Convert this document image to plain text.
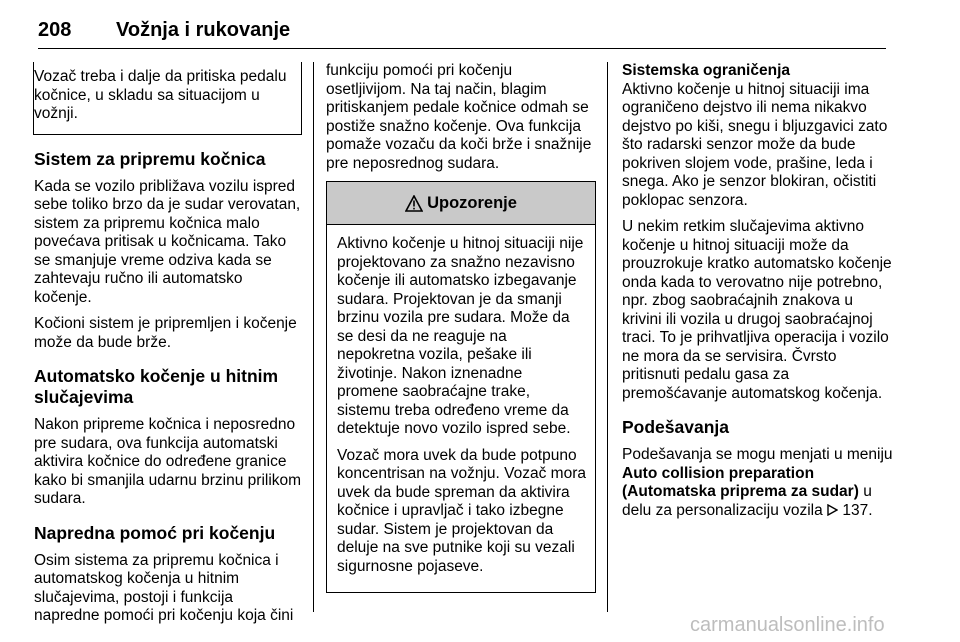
208 Vožnja i rukovanje

Vozač treba i dalje da pritiska pedalu kočnice, u skladu sa situacijom u vožnji.

Sistem za pripremu kočnica

Kada se vozilo približava vozilu ispred sebe toliko brzo da je sudar verovatan, sistem za pripremu kočnica malo povećava pritisak u kočnicama. Tako se smanjuje vreme odziva kada se zahtevaju ručno ili automatsko kočenje.

Kočioni sistem je pripremljen i kočenje može da bude brže.

Automatsko kočenje u hitnim slučajevima

Nakon pripreme kočnica i neposredno pre sudara, ova funkcija automatski aktivira kočnice do određene granice kako bi smanjila udarnu brzinu prilikom sudara.

Napredna pomoć pri kočenju

Osim sistema za pripremu kočnica i automatskog kočenja u hitnim slučajevima, postoji i funkcija napredne pomoći pri kočenju koja čini

funkciju pomoći pri kočenju osetljivijom. Na taj način, blagim pritiskanjem pedale kočnice odmah se postiže snažno kočenje. Ova funkcija pomaže vozaču da koči brže i snažnije pre neposrednog sudara.

Upozorenje

Aktivno kočenje u hitnoj situaciji nije projektovano za snažno nezavisno kočenje ili automatsko izbegavanje sudara. Projektovan je da smanji brzinu vozila pre sudara. Može da se desi da ne reaguje na nepokretna vozila, pešake ili životinje. Nakon iznenadne promene saobraćajne trake, sistemu treba određeno vreme da detektuje novo vozilo ispred sebe.

Vozač mora uvek da bude potpuno koncentrisan na vožnju. Vozač mora uvek da bude spreman da aktivira kočnice i upravljač i tako izbegne sudar. Sistem je projektovan da deluje na sve putnike koji su vezali sigurnosne pojaseve.

Sistemska ograničenja

Aktivno kočenje u hitnoj situaciji ima ograničeno dejstvo ili nema nikakvo dejstvo po kiši, snegu i bljuzgavici zato što radarski senzor može da bude pokriven slojem vode, prašine, leda i snega. Ako je senzor blokiran, očistiti poklopac senzora.

U nekim retkim slučajevima aktivno kočenje u hitnoj situaciji može da prouzrokuje kratko automatsko kočenje onda kada to verovatno nije potrebno, npr. zbog saobraćajnih znakova u krivini ili vozila u drugoj saobraćajnoj traci. To je prihvatljiva operacija i vozilo ne mora da se servisira. Čvrsto pritisnuti pedalu gasa za premošćavanje automatskog kočenja.

Podešavanja

Podešavanja se mogu menjati u meniju Auto collision preparation (Automatska priprema za sudar) u delu za personalizaciju vozila 137.

carmanualsonline.info
